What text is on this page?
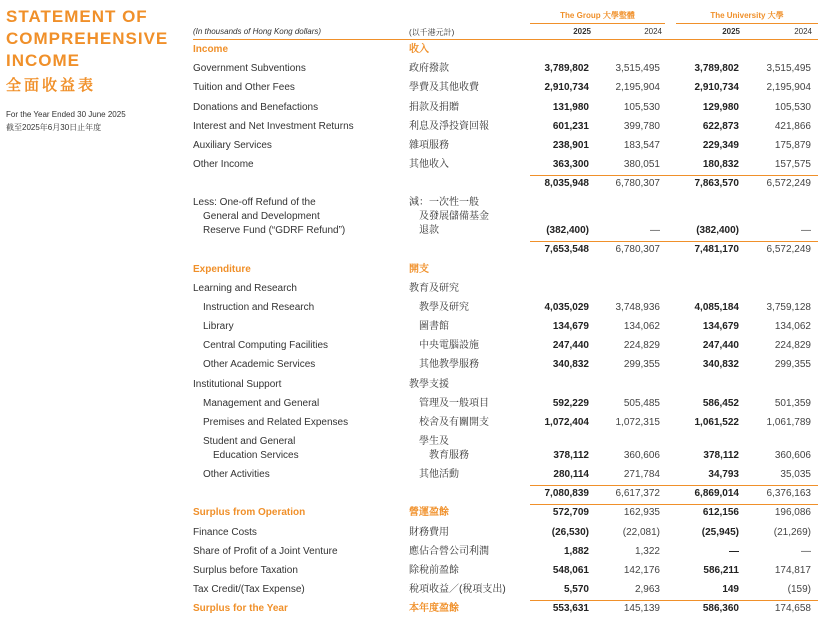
STATEMENT OF
COMPREHENSIVE
INCOME
全面收益表
For the Year Ended 30 June 2025
截至2025年6月30日止年度
(In thousands of Hong Kong dollars)	(以千港元計)
The Group 大學整體	The University 大學
2025	2024	2025	2024
Income	收入
Government Subventions	政府撥款	3,789,802	3,515,495	3,789,802	3,515,495
Tuition and Other Fees	學費及其他收費	2,910,734	2,195,904	2,910,734	2,195,904
Donations and Benefactions	捐款及捐贈	131,980	105,530	129,980	105,530
Interest and Net Investment Returns	利息及淨投資回報	601,231	399,780	622,873	421,866
Auxiliary Services	雜項服務	238,901	183,547	229,349	175,879
Other Income	其他收入	363,300	380,051	180,832	157,575
8,035,948	6,780,307	7,863,570	6,572,249
Less: One-off Refund of the
General and Development
Reserve Fund (“GDRF Refund”)
減：一次性一般
及發展儲備基金
退款	(382,400)	—	(382,400)	—
7,653,548	6,780,307	7,481,170	6,572,249
Expenditure	開支
Learning and Research	教育及研究
Instruction and Research	教學及研究	4,035,029	3,748,936	4,085,184	3,759,128
Library	圖書館	134,679	134,062	134,679	134,062
Central Computing Facilities	中央電腦設施	247,440	224,829	247,440	224,829
Other Academic Services	其他教學服務	340,832	299,355	340,832	299,355
Institutional Support	教學支援
Management and General	管理及一般項目	592,229	505,485	586,452	501,359
Premises and Related Expenses	校舍及有關開支	1,072,404	1,072,315	1,061,522	1,061,789
Student and General
Education Services
學生及
教育服務	378,112	360,606	378,112	360,606
Other Activities	其他活動	280,114	271,784	34,793	35,035
7,080,839	6,617,372	6,869,014	6,376,163
Surplus from Operation	營運盈餘	572,709	162,935	612,156	196,086
Finance Costs	財務費用	(26,530)	(22,081)	(25,945)	(21,269)
Share of Profit of a Joint Venture	應佔合營公司利潤	1,882	1,322	—	—
Surplus before Taxation	除稅前盈餘	548,061	142,176	586,211	174,817
Tax Credit/(Tax Expense)	稅項收益／(稅項支出)	5,570	2,963	149	(159)
Surplus for the Year	本年度盈餘	553,631	145,139	586,360	174,658
